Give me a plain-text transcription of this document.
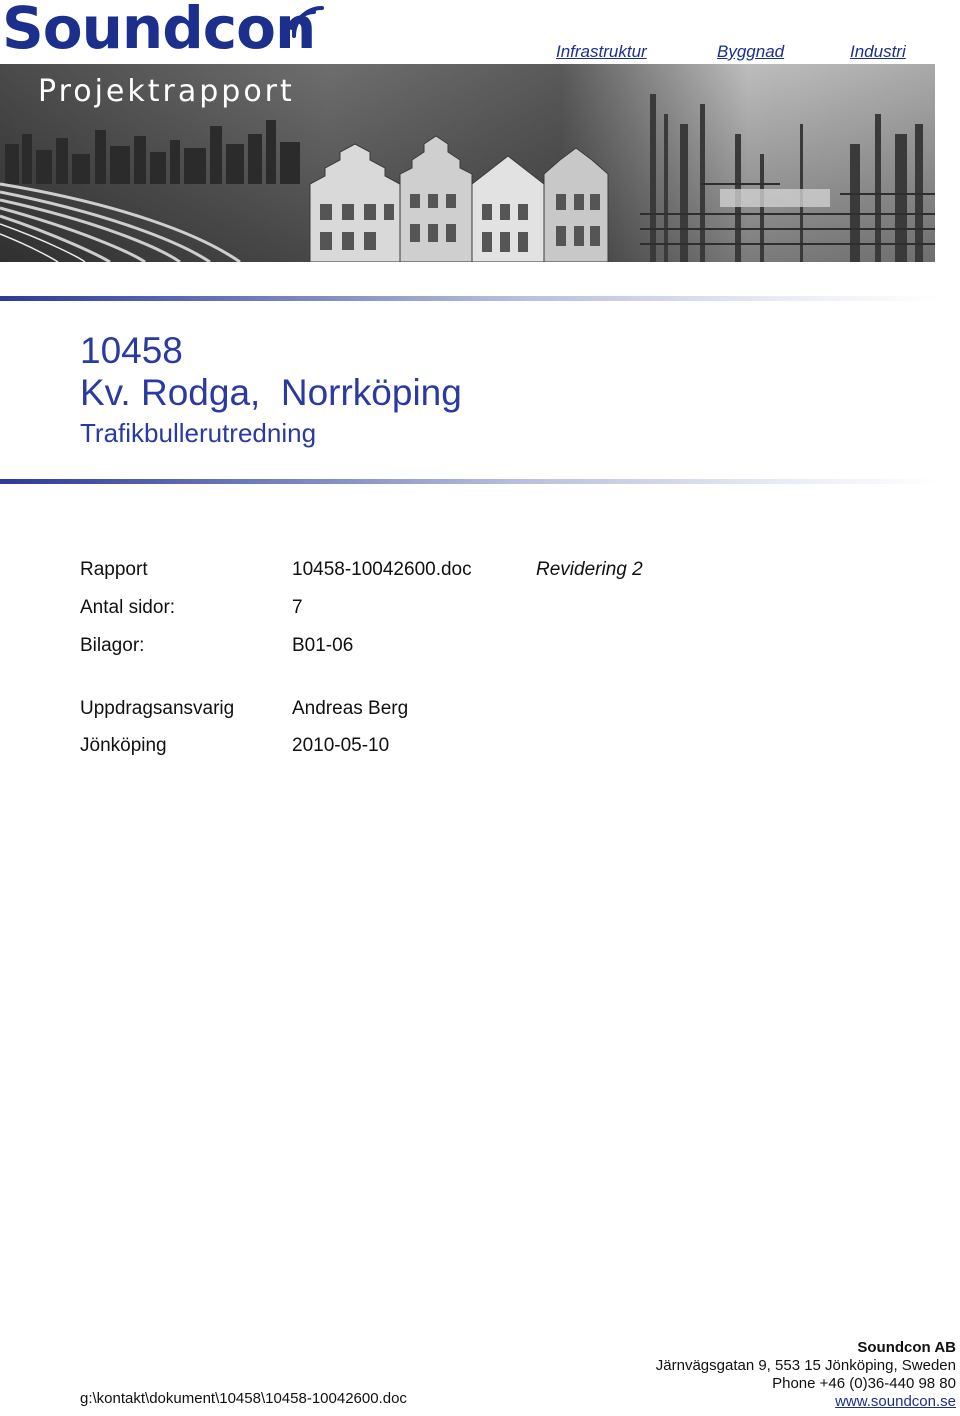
Projektrapport
Soundcon	Infrastruktur	Byggnad	Industri
10458
Kv. Rodga,  Norrköping
Trafikbullerutredning
Rapport	10458-10042600.doc	Revidering 2
Antal sidor:	7
Bilagor:	B01-06
Uppdragsansvarig	Andreas Berg
Jönköping	2010-05-10
g:\kontakt\dokument\10458\10458-10042600.doc
Soundcon AB
Järnvägsgatan 9, 553 15 Jönköping, Sweden
Phone +46 (0)36-440 98 80
www.soundcon.se
